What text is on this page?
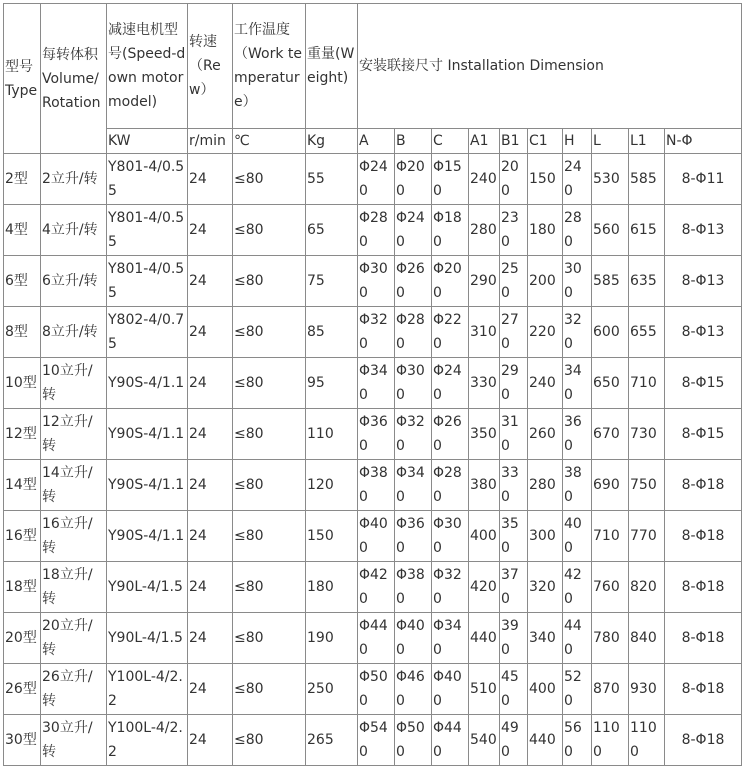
型号Type	每转体积Volume/Rotation	减速电机型号(Speed-down motor model)	转速（Rew）	工作温度（Work temperature）	重量(Weight)	安装联接尺寸 Installation Dimension									
		KW	r/min	℃	Kg	A	B	C	A1	B1	C1	H	L	L1	N-Φ
2型	2立升/转	Y801-4/0.55	24	≤80	55	Φ240	Φ200	Φ150	240	200	150	240	530	585	8-Φ11
4型	4立升/转	Y801-4/0.55	24	≤80	65	Φ280	Φ240	Φ180	280	230	180	280	560	615	8-Φ13
6型	6立升/转	Y801-4/0.55	24	≤80	75	Φ300	Φ260	Φ200	290	250	200	300	585	635	8-Φ13
8型	8立升/转	Y802-4/0.75	24	≤80	85	Φ320	Φ280	Φ220	310	270	220	320	600	655	8-Φ13
10型	10立升/转	Y90S-4/1.1	24	≤80	95	Φ340	Φ300	Φ240	330	290	240	340	650	710	8-Φ15
12型	12立升/转	Y90S-4/1.1	24	≤80	110	Φ360	Φ320	Φ260	350	310	260	360	670	730	8-Φ15
14型	14立升/转	Y90S-4/1.1	24	≤80	120	Φ380	Φ340	Φ280	380	330	280	380	690	750	8-Φ18
16型	16立升/转	Y90S-4/1.1	24	≤80	150	Φ400	Φ360	Φ300	400	350	300	400	710	770	8-Φ18
18型	18立升/转	Y90L-4/1.5	24	≤80	180	Φ420	Φ380	Φ320	420	370	320	420	760	820	8-Φ18
20型	20立升/转	Y90L-4/1.5	24	≤80	190	Φ440	Φ400	Φ340	440	390	340	440	780	840	8-Φ18
26型	26立升/转	Y100L-4/2.2	24	≤80	250	Φ500	Φ460	Φ400	510	450	400	520	870	930	8-Φ18
30型	30立升/转	Y100L-4/2.2	24	≤80	265	Φ540	Φ500	Φ440	540	490	440	560	1100	1100	8-Φ18
